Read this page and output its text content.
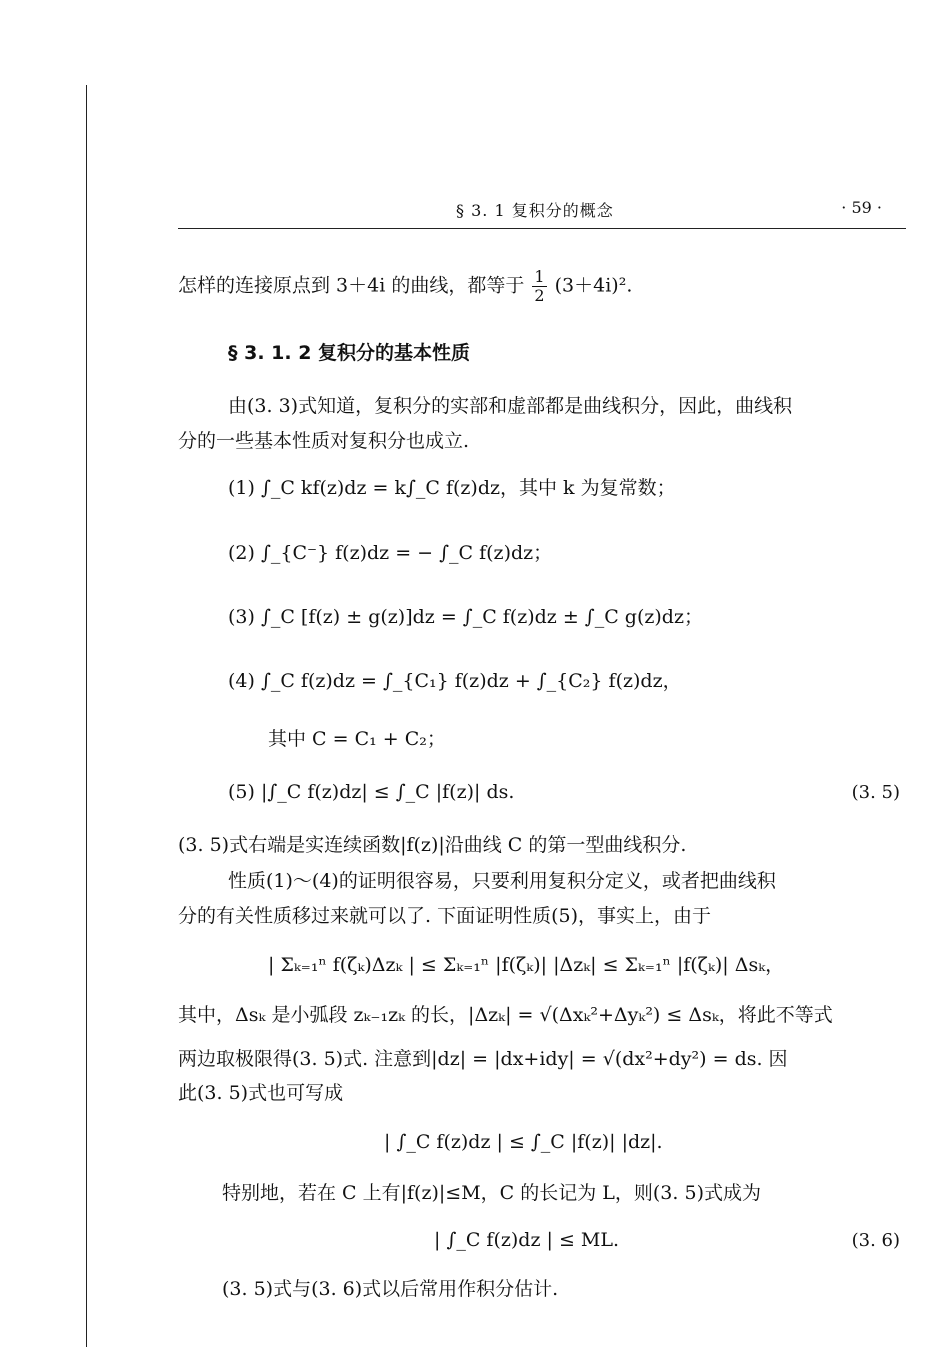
§ 3. 1 复积分的概念	· 59 ·
怎样的连接原点到 3＋4i 的曲线，都等于 $\frac{1}{2} (3+4i)^2$.
§ 3. 1. 2 复积分的基本性质
由(3. 3)式知道，复积分的实部和虚部都是曲线积分，因此，曲线积
分的一些基本性质对复积分也成立.
(1) ∫_C kf(z)dz = k∫_C f(z)dz，其中 k 为复常数；
(2) ∫_{C⁻} f(z)dz = − ∫_C f(z)dz；
(3) ∫_C [f(z) ± g(z)]dz = ∫_C f(z)dz ± ∫_C g(z)dz；
(4) ∫_C f(z)dz = ∫_{C₁} f(z)dz + ∫_{C₂} f(z)dz，
其中 C = C₁ + C₂；
(5) |∫_C f(z)dz| ≤ ∫_C |f(z)| ds.	(3. 5)
(3. 5)式右端是实连续函数|f(z)|沿曲线 C 的第一型曲线积分.
性质(1)～(4)的证明很容易，只要利用复积分定义，或者把曲线积
分的有关性质移过来就可以了. 下面证明性质(5)，事实上，由于
| Σₖ₌₁ⁿ f(ζₖ)Δzₖ | ≤ Σₖ₌₁ⁿ |f(ζₖ)| |Δzₖ| ≤ Σₖ₌₁ⁿ |f(ζₖ)| Δsₖ，
其中，Δsₖ 是小弧段 zₖ₋₁zₖ 的长，|Δzₖ| = √(Δxₖ²+Δyₖ²) ≤ Δsₖ，将此不等式
两边取极限得(3. 5)式. 注意到|dz| = |dx+idy| = √(dx²+dy²) = ds. 因
此(3. 5)式也可写成
| ∫_C f(z)dz | ≤ ∫_C |f(z)| |dz|.
特别地，若在 C 上有|f(z)|≤M，C 的长记为 L，则(3. 5)式成为
| ∫_C f(z)dz | ≤ ML.	(3. 6)
(3. 5)式与(3. 6)式以后常用作积分估计.
